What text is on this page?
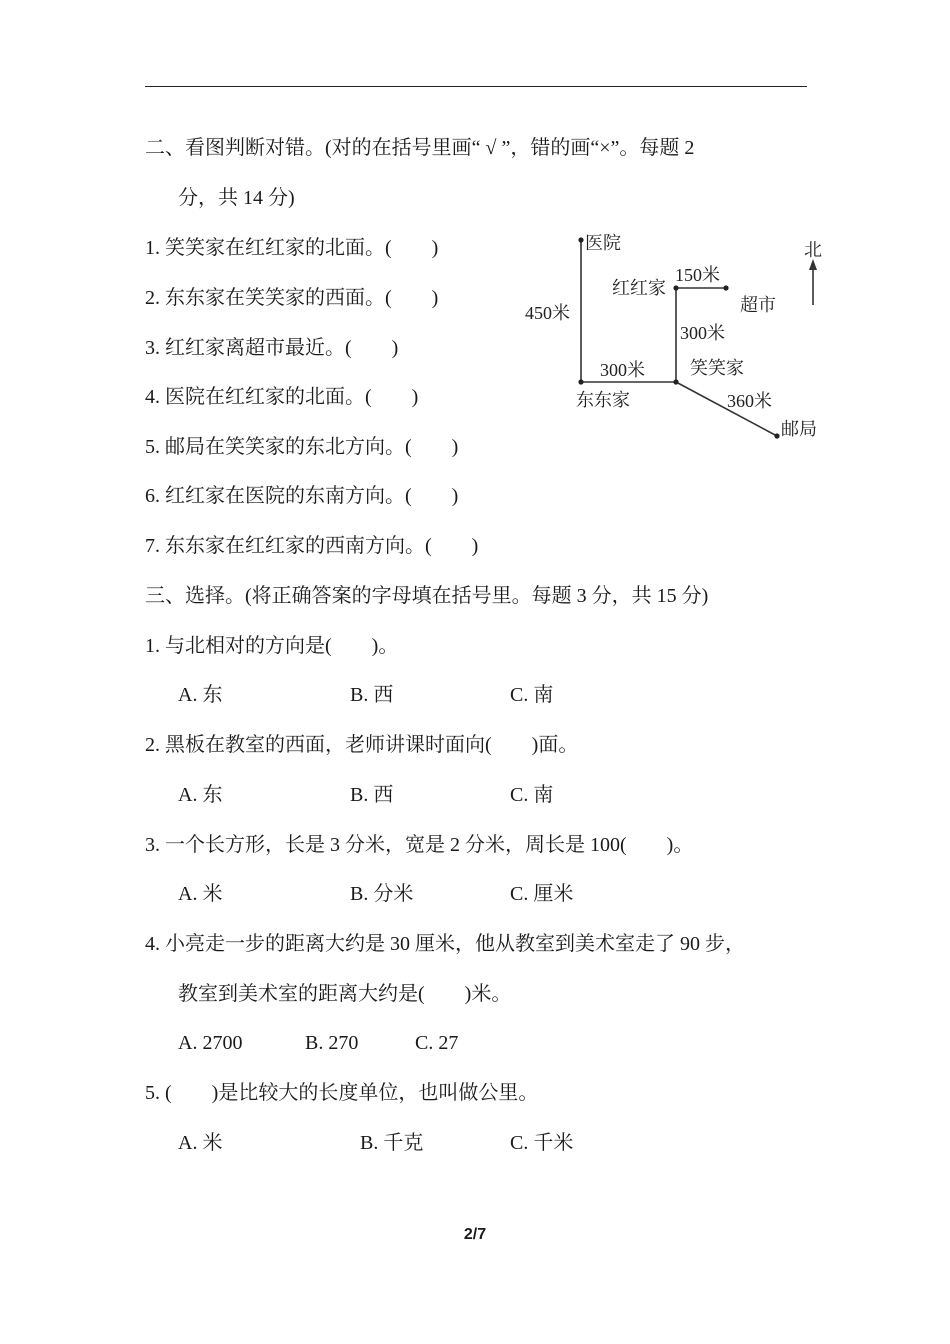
二、看图判断对错。(对的在括号里画“ √ ”，错的画“×”。每题 2
分，共 14 分)
1. 笑笑家在红红家的北面。(　　)
2. 东东家在笑笑家的西面。(　　)
3. 红红家离超市最近。(　　)
4. 医院在红红家的北面。(　　)
5. 邮局在笑笑家的东北方向。(　　)
6. 红红家在医院的东南方向。(　　)
7. 东东家在红红家的西南方向。(　　)
医院
红红家
超市
笑笑家
东东家
邮局
北
450米
150米
300米
300米
360米
三、选择。(将正确答案的字母填在括号里。每题 3 分，共 15 分)
1. 与北相对的方向是(　　)。
A. 东	B. 西	C. 南
2. 黑板在教室的西面，老师讲课时面向(　　)面。
A. 东	B. 西	C. 南
3. 一个长方形，长是 3 分米，宽是 2 分米，周长是 100(　　)。
A. 米	B. 分米	C. 厘米
4. 小亮走一步的距离大约是 30 厘米，他从教室到美术室走了 90 步，
教室到美术室的距离大约是(　　)米。
A. 2700	B. 270	C. 27
5. (　　)是比较大的长度单位，也叫做公里。
A. 米	B. 千克	C. 千米
2/7
